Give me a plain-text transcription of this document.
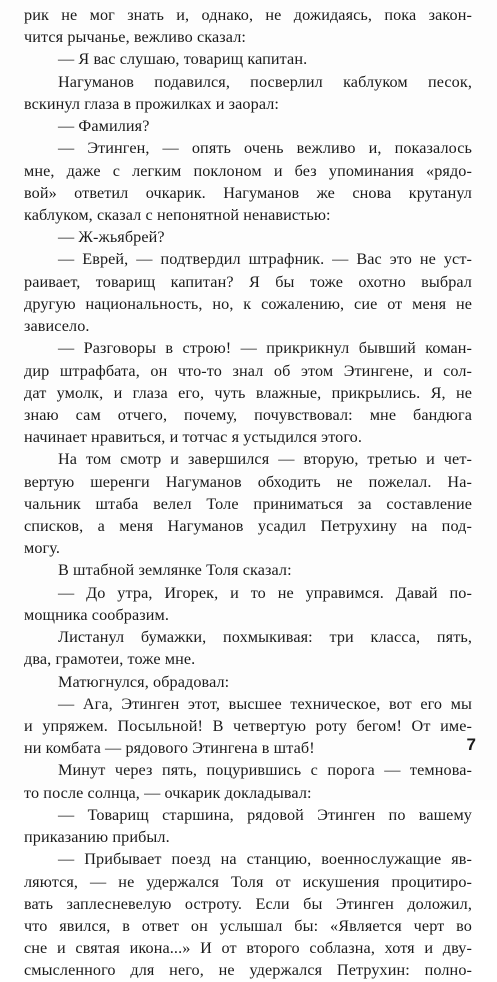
рик не мог знать и, однако, не дожидаясь, пока закон-
чится рычанье, вежливо сказал:
— Я вас слушаю, товарищ капитан.
Нагуманов подавился, посверлил каблуком песок,
вскинул глаза в прожилках и заорал:
— Фамилия?
— Этинген, — опять очень вежливо и, показалось
мне, даже с легким поклоном и без упоминания «рядо-
вой» ответил очкарик. Нагуманов же снова крутанул
каблуком, сказал с непонятной ненавистью:
— Ж-жьябрей?
— Еврей, — подтвердил штрафник. — Вас это не уст-
раивает, товарищ капитан? Я бы тоже охотно выбрал
другую национальность, но, к сожалению, сие от меня не
зависело.
— Разговоры в строю! — прикрикнул бывший коман-
дир штрафбата, он что-то знал об этом Этингене, и сол-
дат умолк, и глаза его, чуть влажные, прикрылись. Я, не
знаю сам отчего, почему, почувствовал: мне бандюга
начинает нравиться, и тотчас я устыдился этого.
На том смотр и завершился — вторую, третью и чет-
вертую шеренги Нагуманов обходить не пожелал. На-
чальник штаба велел Толе приниматься за составление
списков, а меня Нагуманов усадил Петрухину на под-
могу.
В штабной землянке Толя сказал:
— До утра, Игорек, и то не управимся. Давай по-
мощника сообразим.
Листанул бумажки, похмыкивая: три класса, пять,
два, грамотеи, тоже мне.
Матюгнулся, обрадовал:
— Ага, Этинген этот, высшее техническое, вот его мы
и упряжем. Посыльной! В четвертую роту бегом! От име-
ни комбата — рядового Этингена в штаб!
Минут через пять, поцурившись с порога — темнова-
то после солнца, — очкарик докладывал:
— Товарищ старшина, рядовой Этинген по вашему
приказанию прибыл.
— Прибывает поезд на станцию, военнослужащие яв-
ляются, — не удержался Толя от искушения процитиро-
вать заплесневелую остроту. Если бы Этинген доложил,
что явился, в ответ он услышал бы: «Является черт во
сне и святая икона...» И от второго соблазна, хотя и дву-
смысленного для него, не удержался Петрухин: полно-
7
